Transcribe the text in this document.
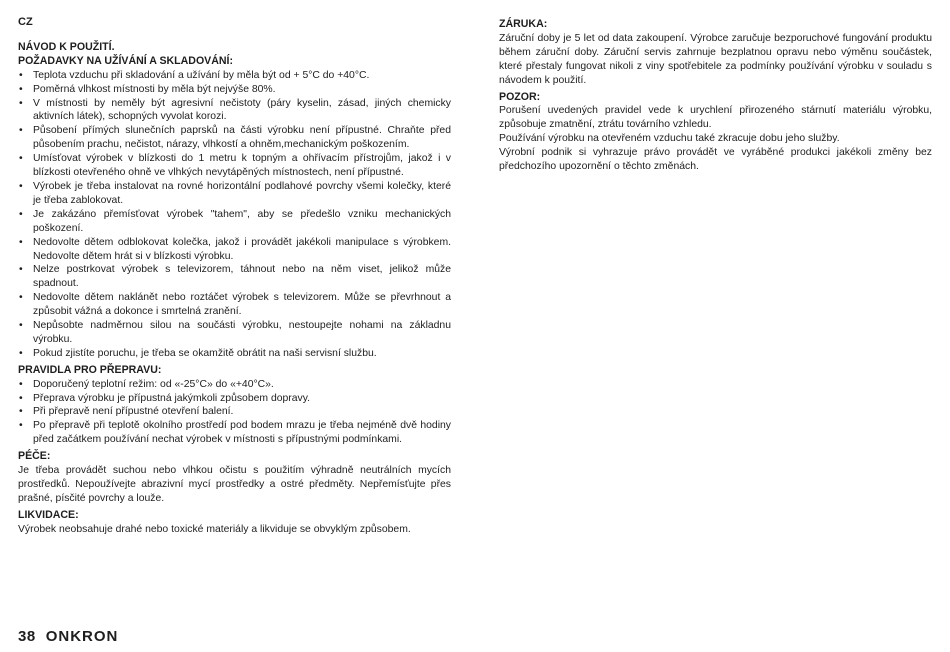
CZ
NÁVOD K POUŽITÍ.
POŽADAVKY NA UŽÍVÁNÍ A SKLADOVÁNÍ:
• Teplota vzduchu při skladování a užívání by měla být od + 5°C do +40°C.
• Poměrná vlhkost místnosti by měla být nejvýše 80%.
• V místnosti by neměly být agresivní nečistoty (páry kyselin, zásad, jiných chemicky aktivních látek), schopných vyvolat korozi.
• Působení přímých slunečních paprsků na části výrobku není přípustné. Chraňte před působením prachu, nečistot, nárazy, vlhkostí a ohněm,mechanickým poškozením.
• Umísťovat výrobek v blízkosti do 1 metru k topným a ohřívacím přístrojům, jakož i v blízkosti otevřeného ohně ve vlhkých nevytápěných místnostech, není přípustné.
• Výrobek je třeba instalovat na rovné horizontální podlahové povrchy všemi kolečky, které je třeba zablokovat.
• Je zakázáno přemísťovat výrobek "tahem", aby se předešlo vzniku mechanických poškození.
• Nedovolte dětem odblokovat kolečka, jakož i provádět jakékoli manipulace s výrobkem. Nedovolte dětem hrát si v blízkosti výrobku.
• Nelze postrkovat výrobek s televizorem, táhnout nebo na něm viset, jelikož může spadnout.
• Nedovolte dětem naklánět nebo roztáčet výrobek s televizorem. Může se převrhnout a způsobit vážná a dokonce i smrtelná zranění.
• Nepůsobte nadměrnou silou na součásti výrobku, nestoupejte nohami na základnu výrobku.
• Pokud zjistíte poruchu, je třeba se okamžitě obrátit na naši servisní službu.
PRAVIDLA PRO PŘEPRAVU:
• Doporučený teplotní režim: od «-25°C» do «+40°C».
• Přeprava výrobku je přípustná jakýmkoli způsobem dopravy.
• Při přepravě není přípustné otevření balení.
• Po přepravě při teplotě okolního prostředí pod bodem mrazu je třeba nejméně dvě hodiny před začátkem používání nechat výrobek v místnosti s přípustnými podmínkami.
PÉČE:

Je třeba provádět suchou nebo vlhkou očistu s použitím výhradně neutrálních mycích prostředků. Nepoužívejte abrazivní mycí prostředky a ostré předměty. Nepřemísťujte přes prašné, písčité povrchy a louže.

LIKVIDACE:

Výrobek neobsahuje drahé nebo toxické materiály a likviduje se obvyklým způsobem.

ZÁRUKA:

Záruční doby je 5 let od data zakoupení. Výrobce zaručuje bezporuchové fungování produktu během záruční doby. Záruční servis zahrnuje bezplatnou opravu nebo výměnu součástek, které přestaly fungovat nikoli z viny spotřebitele za podmínky používání výrobku v souladu s návodem k použití.

POZOR:

Porušení uvedených pravidel vede k urychlení přirozeného stárnutí materiálu výrobku, způsobuje zmatnění, ztrátu továrního vzhledu.

Používání výrobku na otevřeném vzduchu také zkracuje dobu jeho služby.

Výrobní podnik si vyhrazuje právo provádět ve vyráběné produkci jakékoli změny bez předchozího upozornění o těchto změnách.

38 ONKRON
